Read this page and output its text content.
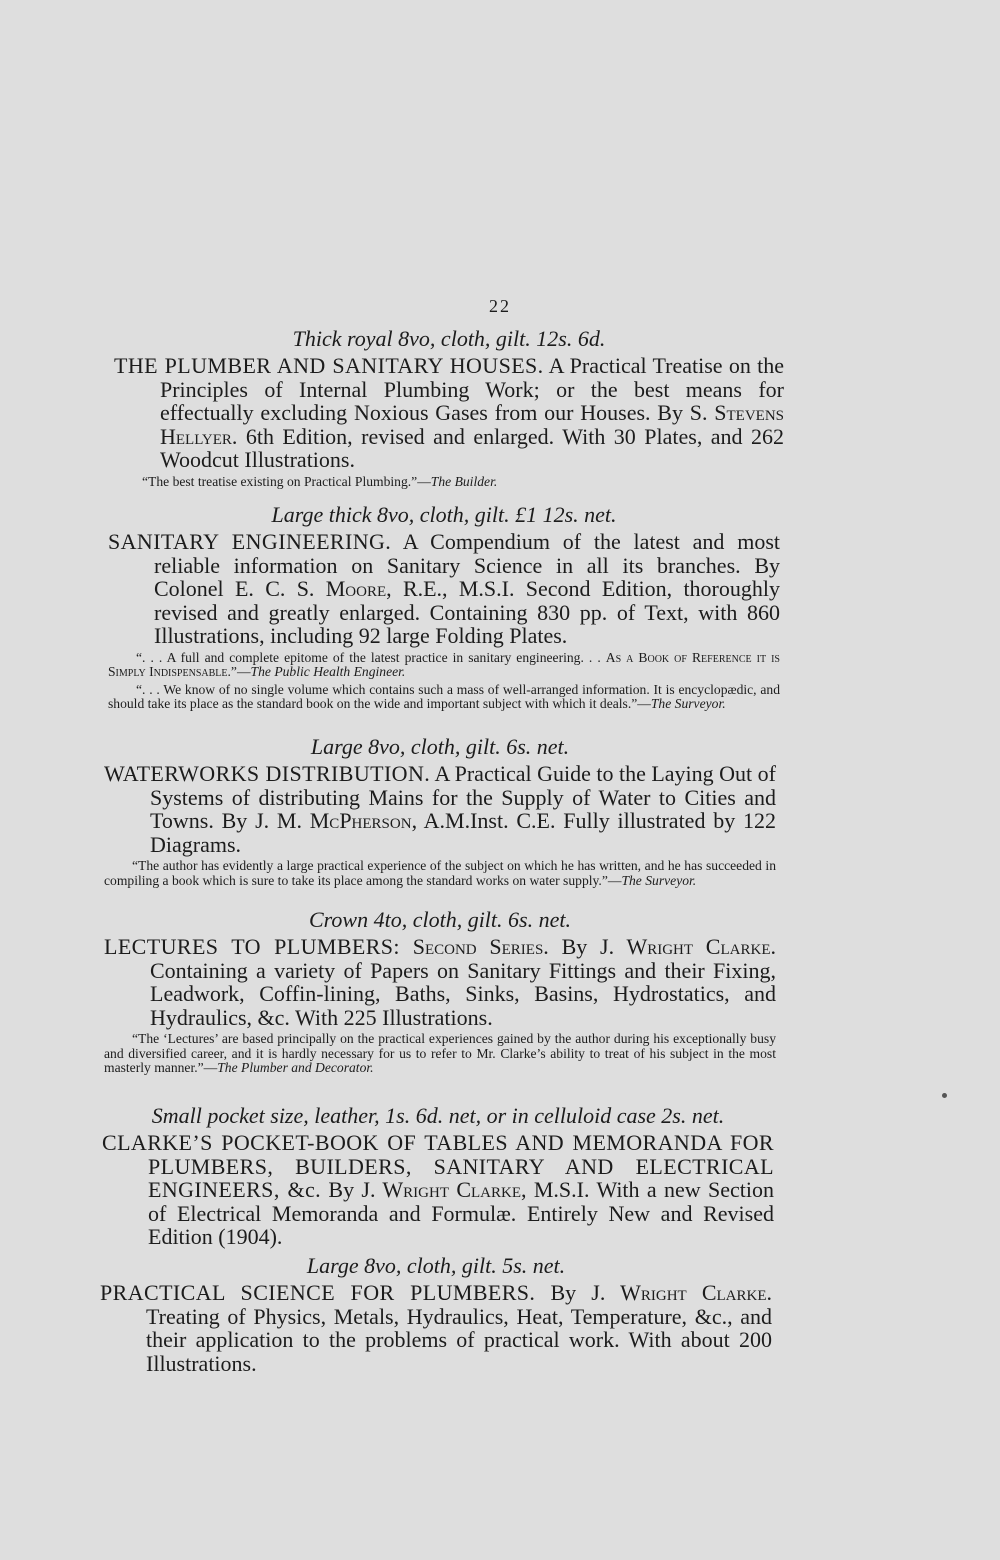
22
Thick royal 8vo, cloth, gilt. 12s. 6d.
THE PLUMBER AND SANITARY HOUSES. A Practical Treatise on the Principles of Internal Plumbing Work; or the best means for effectually excluding Noxious Gases from our Houses. By S. Stevens Hellyer. 6th Edition, revised and enlarged. With 30 Plates, and 262 Woodcut Illustrations.
“The best treatise existing on Practical Plumbing.”—The Builder.
Large thick 8vo, cloth, gilt. £1 12s. net.
SANITARY ENGINEERING. A Compendium of the latest and most reliable information on Sanitary Science in all its branches. By Colonel E. C. S. Moore, R.E., M.S.I. Second Edition, thoroughly revised and greatly enlarged. Containing 830 pp. of Text, with 860 Illustrations, including 92 large Folding Plates.
“. . . A full and complete epitome of the latest practice in sanitary engineering. . . As a Book of Reference it is Simply Indispensable.”—The Public Health Engineer.
“. . . We know of no single volume which contains such a mass of well-arranged information. It is encyclopædic, and should take its place as the standard book on the wide and important subject with which it deals.”—The Surveyor.
Large 8vo, cloth, gilt. 6s. net.
WATERWORKS DISTRIBUTION. A Practical Guide to the Laying Out of Systems of distributing Mains for the Supply of Water to Cities and Towns. By J. M. McPherson, A.M.Inst. C.E. Fully illustrated by 122 Diagrams.
“The author has evidently a large practical experience of the subject on which he has written, and he has succeeded in compiling a book which is sure to take its place among the standard works on water supply.”—The Surveyor.
Crown 4to, cloth, gilt. 6s. net.
LECTURES TO PLUMBERS: Second Series. By J. Wright Clarke. Containing a variety of Papers on Sanitary Fittings and their Fixing, Leadwork, Coffin-lining, Baths, Sinks, Basins, Hydrostatics, and Hydraulics, &c. With 225 Illustrations.
“The ‘Lectures’ are based principally on the practical experiences gained by the author during his exceptionally busy and diversified career, and it is hardly necessary for us to refer to Mr. Clarke’s ability to treat of his subject in the most masterly manner.”—The Plumber and Decorator.
Small pocket size, leather, 1s. 6d. net, or in celluloid case 2s. net.
CLARKE’S POCKET-BOOK OF TABLES AND MEMORANDA FOR PLUMBERS, BUILDERS, SANITARY AND ELECTRICAL ENGINEERS, &c. By J. Wright Clarke, M.S.I. With a new Section of Electrical Memoranda and Formulæ. Entirely New and Revised Edition (1904).
Large 8vo, cloth, gilt. 5s. net.
PRACTICAL SCIENCE FOR PLUMBERS. By J. Wright Clarke. Treating of Physics, Metals, Hydraulics, Heat, Temperature, &c., and their application to the problems of practical work. With about 200 Illustrations.
